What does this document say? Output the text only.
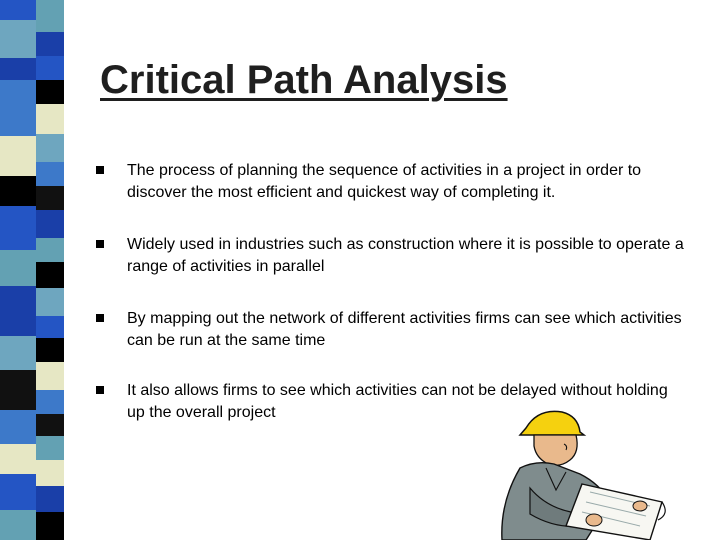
Critical Path Analysis
The process of planning the sequence of activities in a project in order to discover the most efficient and quickest way of completing it.
Widely used in industries such as construction where it is possible to operate a range of activities in parallel
By mapping out the network of different activities firms can see which activities can be run at the same time
It also allows firms to see which activities can not be delayed without holding up the overall project
